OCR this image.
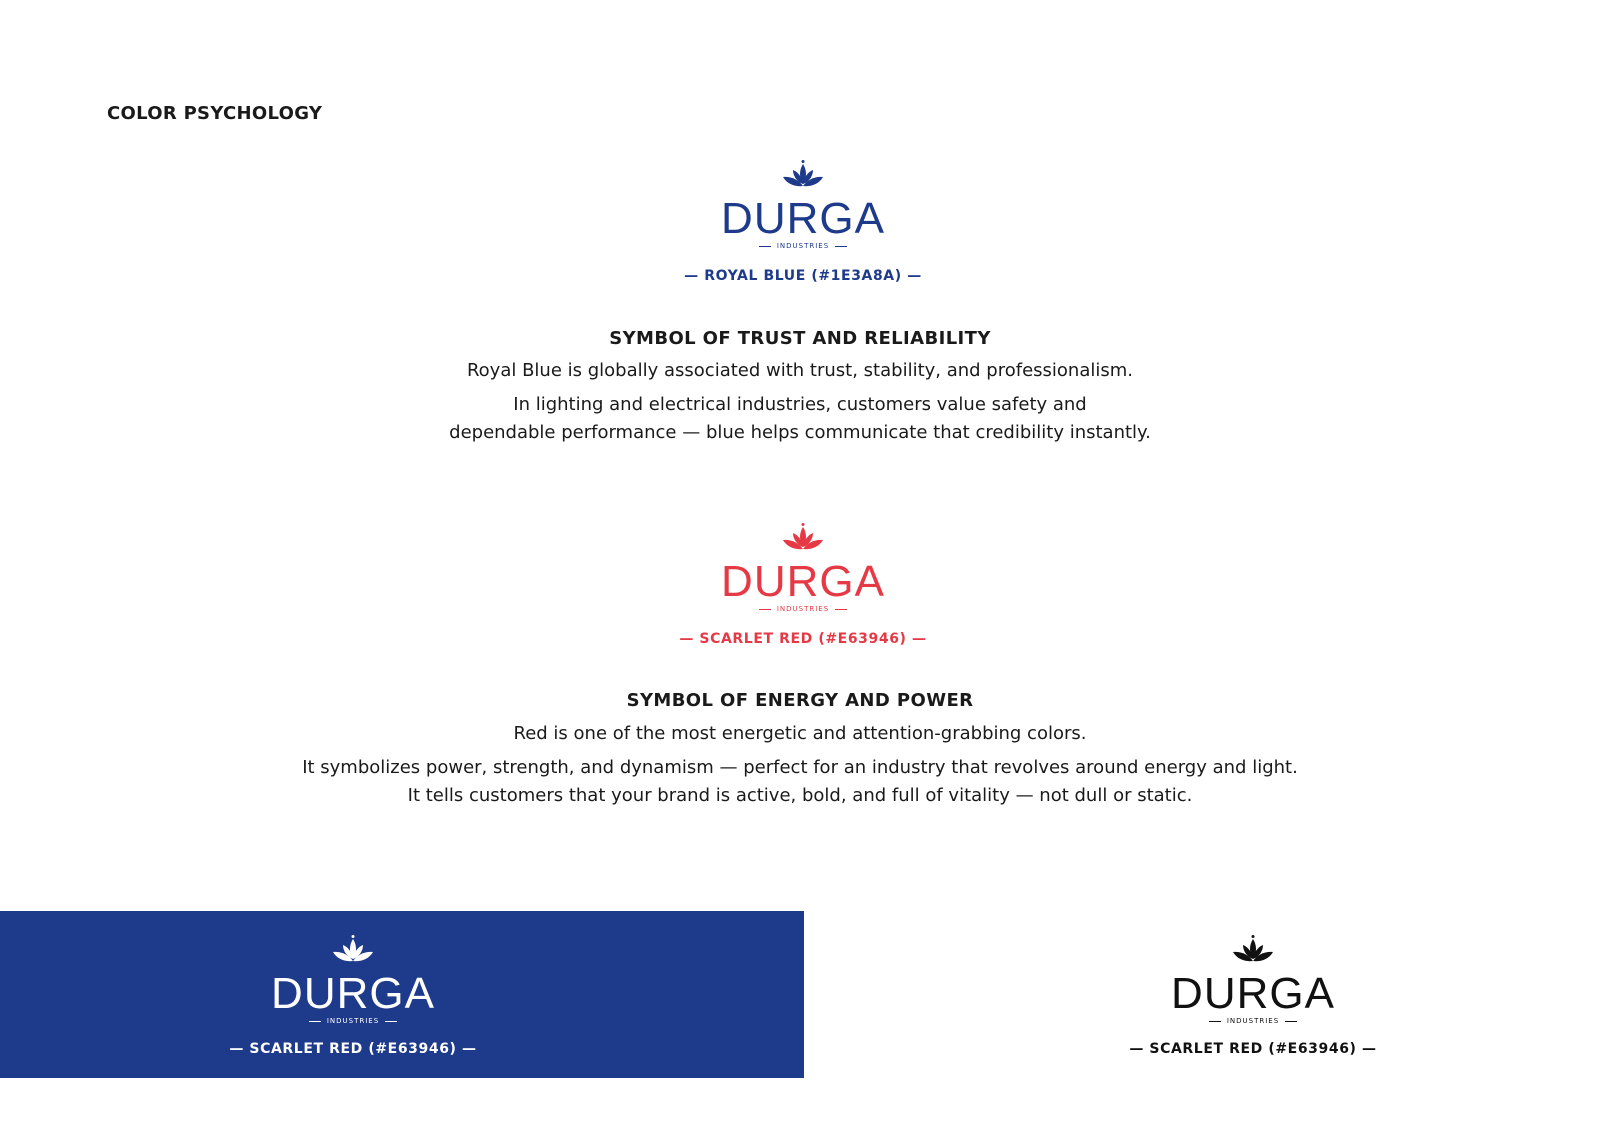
COLOR PSYCHOLOGY
DURGA
INDUSTRIES
— ROYAL BLUE (#1E3A8A) —
SYMBOL OF TRUST AND RELIABILITY

Royal Blue is globally associated with trust, stability, and professionalism.

In lighting and electrical industries, customers value safety and

dependable performance — blue helps communicate that credibility instantly.

DURGA
INDUSTRIES
— SCARLET RED (#E63946) —
SYMBOL OF ENERGY AND POWER

Red is one of the most energetic and attention-grabbing colors.

It symbolizes power, strength, and dynamism — perfect for an industry that revolves around energy and light.

It tells customers that your brand is active, bold, and full of vitality — not dull or static.

DURGA
INDUSTRIES
— SCARLET RED (#E63946) —
DURGA
INDUSTRIES
— SCARLET RED (#E63946) —
